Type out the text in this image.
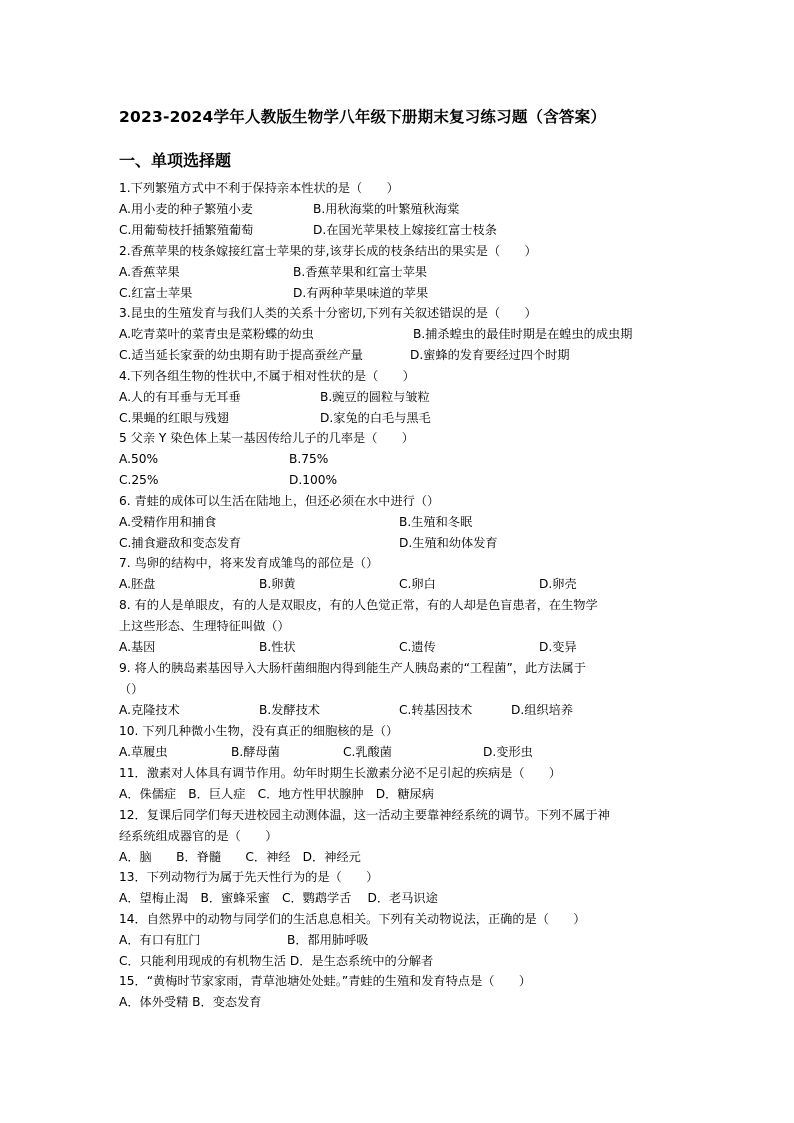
2023-2024学年人教版生物学八年级下册期末复习练习题（含答案）
一、单项选择题
1.下列繁殖方式中不利于保持亲本性状的是（　　）
A.用小麦的种子繁殖小麦	B.用秋海棠的叶繁殖秋海棠
C.用葡萄枝扦插繁殖葡萄	D.在国光苹果枝上嫁接红富士枝条
2.香蕉苹果的枝条嫁接红富士苹果的芽,该芽长成的枝条结出的果实是（　　）
A.香蕉苹果	B.香蕉苹果和红富士苹果
C.红富士苹果	D.有两种苹果味道的苹果
3.昆虫的生殖发育与我们人类的关系十分密切,下列有关叙述错误的是（　　）
A.吃青菜叶的菜青虫是菜粉蝶的幼虫	B.捕杀蝗虫的最佳时期是在蝗虫的成虫期
C.适当延长家蚕的幼虫期有助于提高蚕丝产量	D.蜜蜂的发育要经过四个时期
4.下列各组生物的性状中,不属于相对性状的是（　　）
A.人的有耳垂与无耳垂	B.豌豆的圆粒与皱粒
C.果蝇的红眼与残翅	D.家兔的白毛与黑毛
5 父亲 Y 染色体上某一基因传给儿子的几率是（　　）
A.50%	B.75%
C.25%	D.100%
6. 青蛙的成体可以生活在陆地上，但还必须在水中进行（）
A.受精作用和捕食	B.生殖和冬眠
C.捕食避敌和变态发育	D.生殖和幼体发育
7. 鸟卵的结构中，将来发育成雏鸟的部位是（）
A.胚盘	B.卵黄	C.卵白	D.卵壳
8. 有的人是单眼皮，有的人是双眼皮，有的人色觉正常，有的人却是色盲患者，在生物学
上这些形态、生理特征叫做（）
A.基因	B.性状	C.遗传	D.变异
9. 将人的胰岛素基因导入大肠杆菌细胞内得到能生产人胰岛素的“工程菌”，此方法属于
（）
A.克隆技术	B.发酵技术	C.转基因技术	D.组织培养
10. 下列几种微小生物，没有真正的细胞核的是（）
A.草履虫	B.酵母菌	C.乳酸菌	D.变形虫
11．激素对人体具有调节作用。幼年时期生长激素分泌不足引起的疾病是（　　）
A．侏儒症　B．巨人症　C．地方性甲状腺肿　D．糖尿病
12．复课后同学们每天进校园主动测体温，这一活动主要靠神经系统的调节。下列不属于神
经系统组成器官的是（　　）
A．脑　　B．脊髓　　C．神经　D．神经元
13．下列动物行为属于先天性行为的是（　　）
A．望梅止渴　B．蜜蜂采蜜　C．鹦鹉学舌　 D．老马识途
14．自然界中的动物与同学们的生活息息相关。下列有关动物说法，正确的是（　　）
A．有口有肛门	B．都用肺呼吸
C．只能利用现成的有机物生活 D．是生态系统中的分解者
15．“黄梅时节家家雨，青草池塘处处蛙。”青蛙的生殖和发育特点是（　　）
A．体外受精 B．变态发育
